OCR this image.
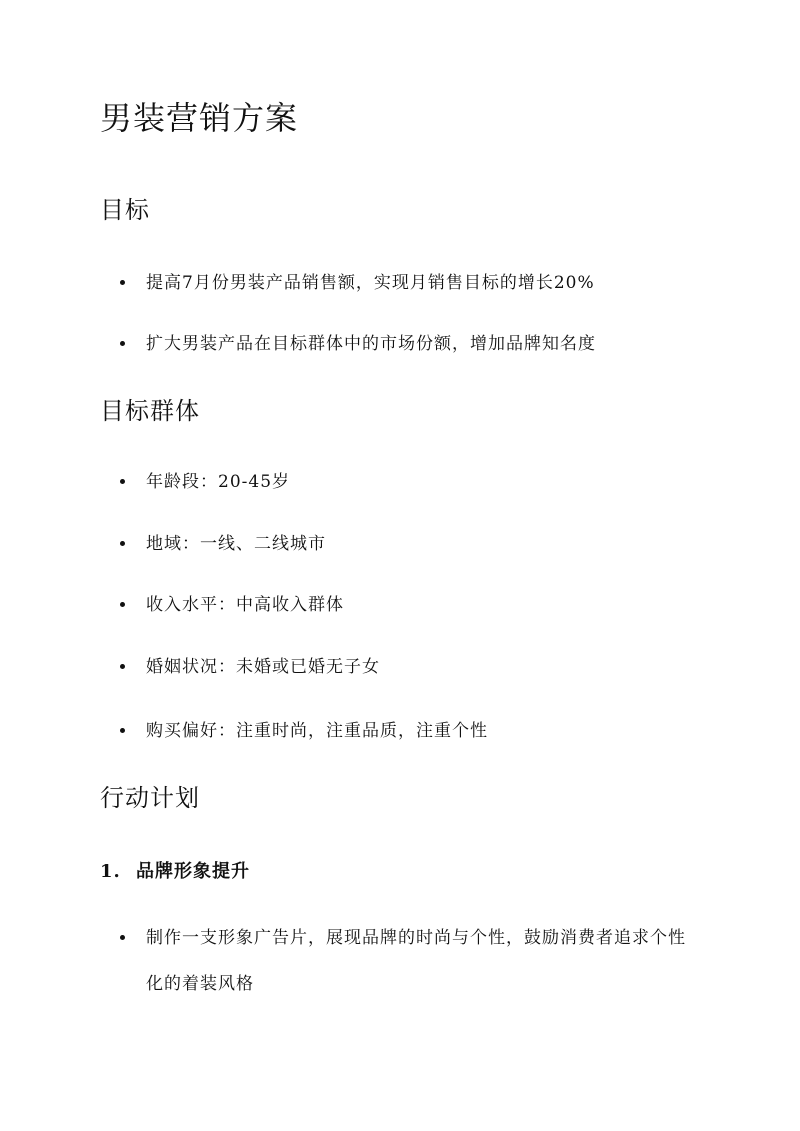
男装营销方案
目标
提高7月份男装产品销售额，实现月销售目标的增长20%
扩大男装产品在目标群体中的市场份额，增加品牌知名度
目标群体
年龄段：20-45岁
地域：一线、二线城市
收入水平：中高收入群体
婚姻状况：未婚或已婚无子女
购买偏好：注重时尚，注重品质，注重个性
行动计划
1. 品牌形象提升
制作一支形象广告片，展现品牌的时尚与个性，鼓励消费者追求个性化的着装风格
